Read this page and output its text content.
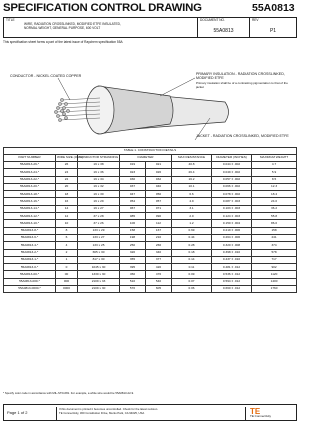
SPECIFICATION CONTROL DRAWING	55A0813
TITLE
WIRE, RADIATION CROSSLINKED, MODIFIED ETFE INSULATED,
NORMAL WEIGHT, GENERAL PURPOSE, 600 VOLT
DOCUMENT NO.
55A0813
REV
P1
This specification sheet forms a part of the latest issue of Raychem specification 55A
CONDUCTOR - NICKEL COATED COPPER	PRIMARY INSULATION - RADIATION CROSSLINKED, MODIFIED ETFE
Primary insulation shall be of a contrasting pigmentation to that of the jacket
JACKET - RADIATION CROSSLINKED, MODIFIED ETFE
TABLE 1. CONSTRUCTION DETAILS							
PART NUMBER	WIRE SIZE (AWG)	CONDUCTOR STRANDING	DIAMETER		MAX RESISTANCE	DIAMETER (INCHES)	MAXIMUM WEIGHT
55A0813-26-*	26	19 x 38	019	021	40.8	0.044 ± .002	4.7
55A0813-24-*	24	19 x 36	023	026	26.4	0.049 ± .002	5.9
55A0813-22-*	22	19 x 34	030	032	16.2	0.057 ± .002	8.5
55A0813-20-*	20	19 x 32	037	040	10.1	0.066 ± .002	12.3
55A0813-18-*	18	19 x 30	047	050	6.6	0.078 ± .002	18.4
55A0813-16-*	16	19 x 29	054	057	4.9	0.087 ± .003	24.0
55A0813-14-*	14	19 x 27	067	071	3.1	0.103 ± .003	36.2
55A0813-12-*	12	37 x 28	085	090	2.0	0.124 ± .003	55.8
55A0813-10-*	10	37 x 26	106	112	1.2	0.150 ± .004	86.0
55A0813-8-*	8	133 x 29	158	167	0.69	0.219 ± .006	158
55A0813-6-*	6	133 x 27	198	210	0.44	0.264 ± .006	241
55A0813-4-*	4	133 x 25	250	266	0.28	0.320 ± .008	374
55A0813-2-*	2	665 x 30	320	340	0.18	0.398 ± .010	578
55A0813-1-*	1	817 x 30	355	377	0.14	0.437 ± .010	717
55A0813-0-*	0	1045 x 30	395	420	0.11	0.481 ± .012	902
55A0813-00-*	00	1330 x 30	450	476	0.09	0.536 ± .012	1120
55A0813-000-*	000	2109 x 33	510	540	0.07	0.594 ± .012	1400
55A0813-0000-*	0000	2109 x 30	570	605	0.06	0.660 ± .012	1760
* Specify color code in accordance with MIL-STD-681. For example, a white wire would be 55A0813-22-9.
Page 1 of 2
If this document is printed it becomes uncontrolled. Check for the latest revision.
TE Connectivity, 300 Constitution Drive, Menlo Park, CA 94025, USA	TE
TE Connectivity
